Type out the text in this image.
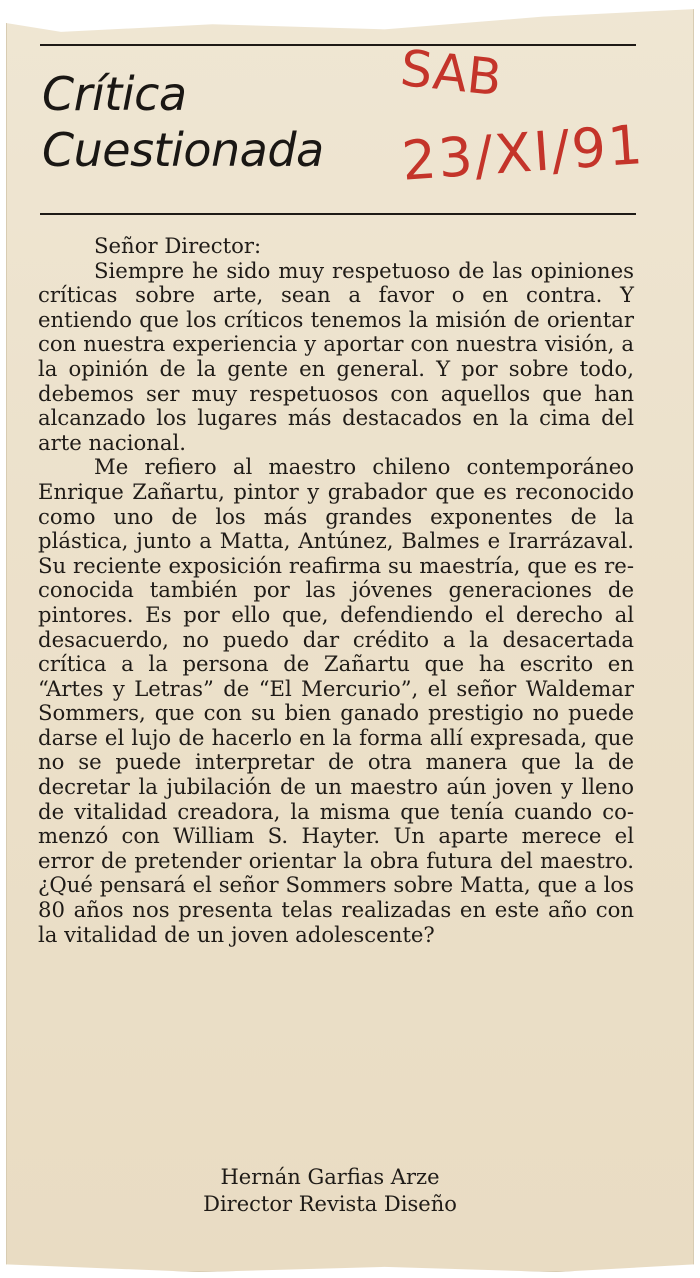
Crítica
Cuestionada
SAB
23/XI/91

Señor Director:

Siempre he sido muy respetuoso de las opiniones críticas sobre arte, sean a favor o en contra. Y entiendo que los críticos tenemos la misión de orientar con nuestra experiencia y aportar con nuestra visión, a la opinión de la gente en general. Y por sobre todo, debemos ser muy respetuosos con aquellos que han alcanzado los lugares más destacados en la cima del arte nacional.

Me refiero al maestro chileno contemporáneo Enrique Zañartu, pintor y grabador que es reconocido como uno de los más grandes exponentes de la plástica, junto a Matta, Antúnez, Balmes e Irarrázaval. Su reciente exposición reafirma su maestría, que es reconocida también por las jóvenes generaciones de pintores. Es por ello que, defendiendo el derecho al desacuerdo, no puedo dar crédito a la desacertada crítica a la persona de Zañartu que ha escrito en “Artes y Letras” de “El Mercurio”, el señor Waldemar Sommers, que con su bien ganado prestigio no puede darse el lujo de hacerlo en la forma allí expresada, que no se puede interpretar de otra manera que la de decretar la jubilación de un maestro aún joven y lleno de vitalidad creadora, la misma que tenía cuando comenzó con William S. Hayter. Un aparte merece el error de pretender orientar la obra futura del maestro. ¿Qué pensará el señor Sommers sobre Matta, que a los 80 años nos presenta telas realizadas en este año con la vitalidad de un joven adolescente?

Hernán Garfias Arze
Director Revista Diseño
